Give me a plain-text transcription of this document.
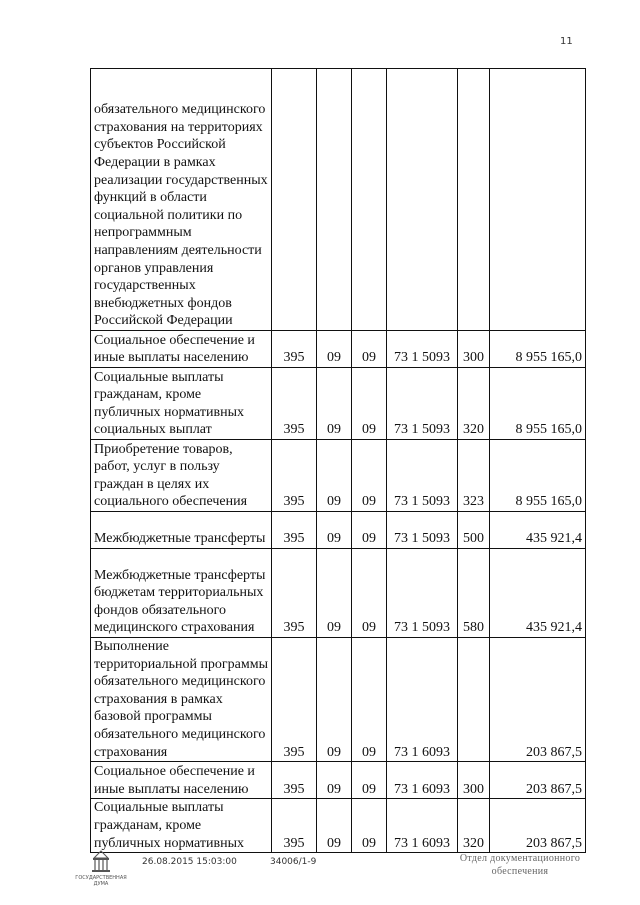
11
обязательного медицинского страхования на территориях субъектов Российской Федерации в рамках реализации государственных функций в области социальной политики по непрограммным направлениям деятельности органов управления государственных внебюджетных фондов Российской Федерации						
Социальное обеспечение и иные выплаты населению	395	09	09	73 1 5093	300	8 955 165,0
Социальные выплаты гражданам, кроме публичных нормативных социальных выплат	395	09	09	73 1 5093	320	8 955 165,0
Приобретение товаров, работ, услуг в пользу граждан в целях их социального обеспечения	395	09	09	73 1 5093	323	8 955 165,0
Межбюджетные трансферты	395	09	09	73 1 5093	500	435 921,4
Межбюджетные трансферты бюджетам территориальных фондов обязательного медицинского страхования	395	09	09	73 1 5093	580	435 921,4
Выполнение территориальной программы обязательного медицинского страхования в рамках базовой программы обязательного медицинского страхования	395	09	09	73 1 6093		203 867,5
Социальное обеспечение и иные выплаты населению	395	09	09	73 1 6093	300	203 867,5
Социальные выплаты гражданам, кроме публичных нормативных	395	09	09	73 1 6093	320	203 867,5
ГОСУДАРСТВЕННАЯ
ДУМА
26.08.2015 15:03:00	34006/1-9	Отдел документационного обеспечения
